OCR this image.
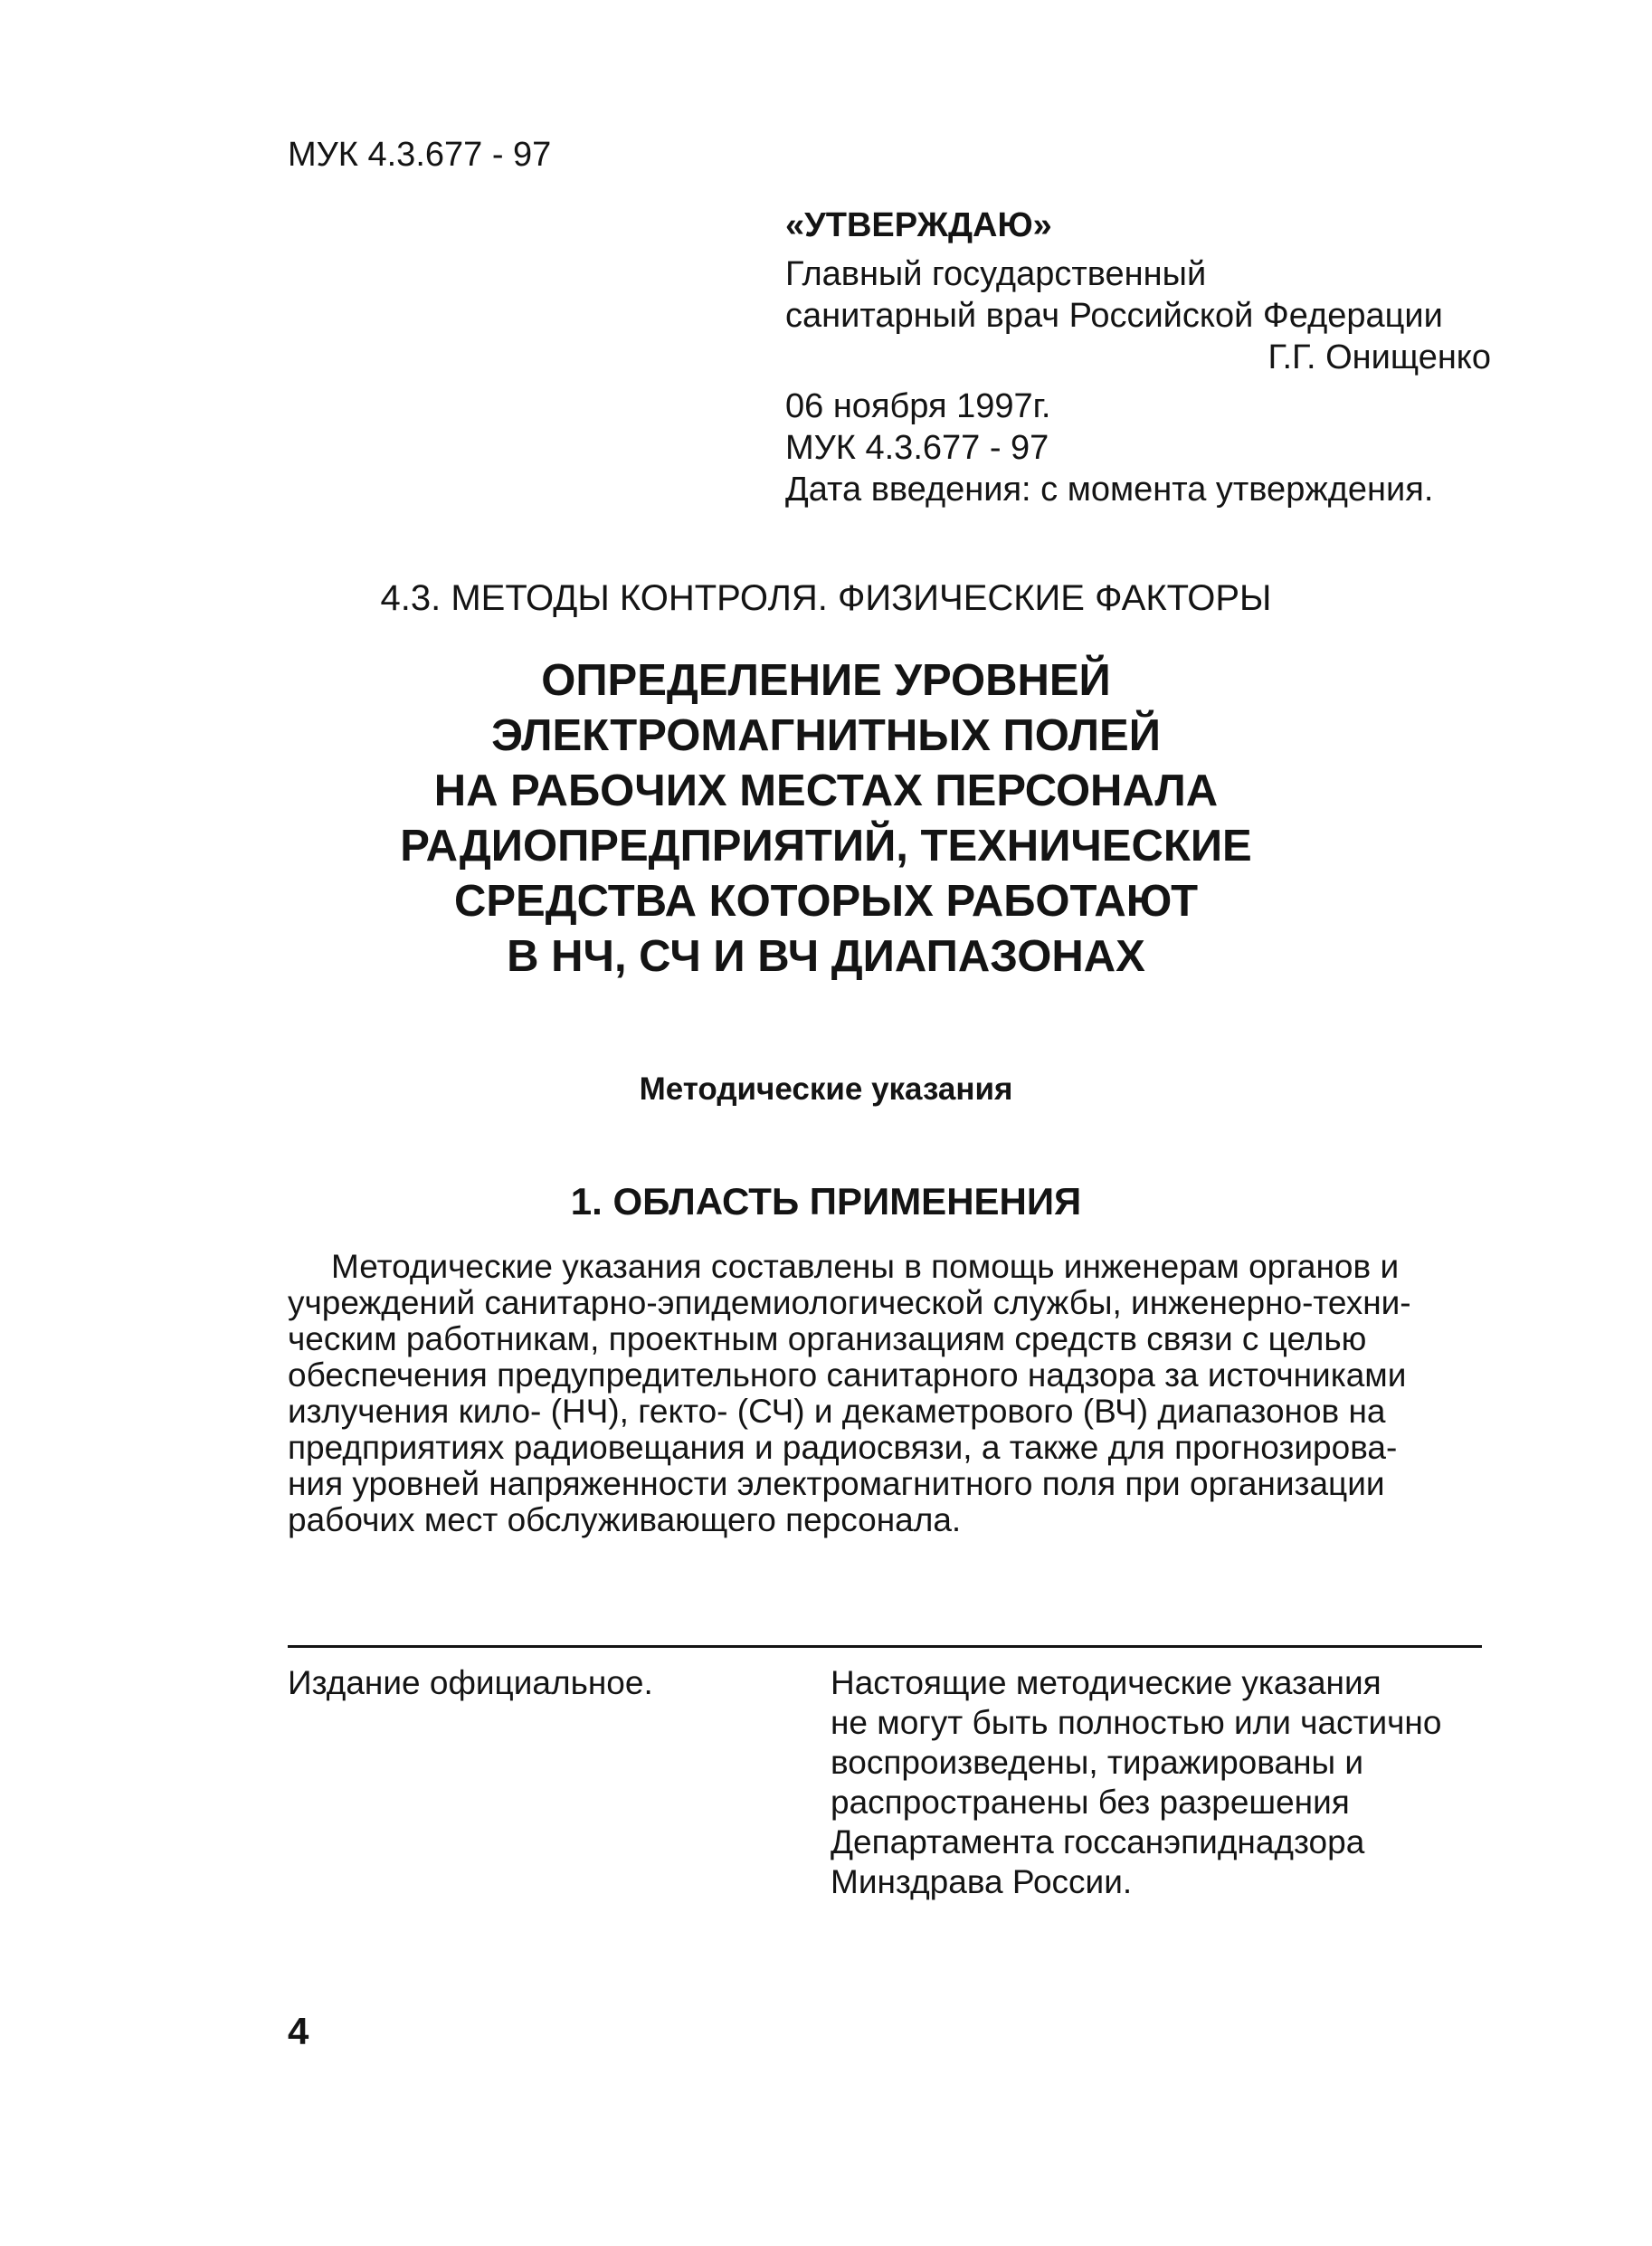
МУК 4.3.677 - 97
«УТВЕРЖДАЮ»
Главный государственный
санитарный врач Российской Федерации
Г.Г. Онищенко
06 ноября 1997г.
МУК 4.3.677 - 97
Дата введения: с момента утверждения.
4.3. МЕТОДЫ КОНТРОЛЯ. ФИЗИЧЕСКИЕ ФАКТОРЫ
ОПРЕДЕЛЕНИЕ УРОВНЕЙ
ЭЛЕКТРОМАГНИТНЫХ ПОЛЕЙ
НА РАБОЧИХ МЕСТАХ ПЕРСОНАЛА
РАДИОПРЕДПРИЯТИЙ, ТЕХНИЧЕСКИЕ
СРЕДСТВА КОТОРЫХ РАБОТАЮТ
В НЧ, СЧ И ВЧ ДИАПАЗОНАХ
Методические указания
1. ОБЛАСТЬ ПРИМЕНЕНИЯ
Методические указания составлены в помощь инженерам органов и
учреждений санитарно-эпидемиологической службы, инженерно-техни-
ческим работникам, проектным организациям средств связи с целью
обеспечения предупредительного санитарного надзора за источниками
излучения кило- (НЧ), гекто- (СЧ) и декаметрового (ВЧ) диапазонов на
предприятиях радиовещания и радиосвязи, а также для прогнозирова-
ния уровней напряженности электромагнитного поля при организации
рабочих мест обслуживающего персонала.
Издание официальное.	Настоящие методические указания
не могут быть полностью или частично
воспроизведены, тиражированы и
распространены без разрешения
Департамента госсанэпиднадзора
Минздрава России.
4
